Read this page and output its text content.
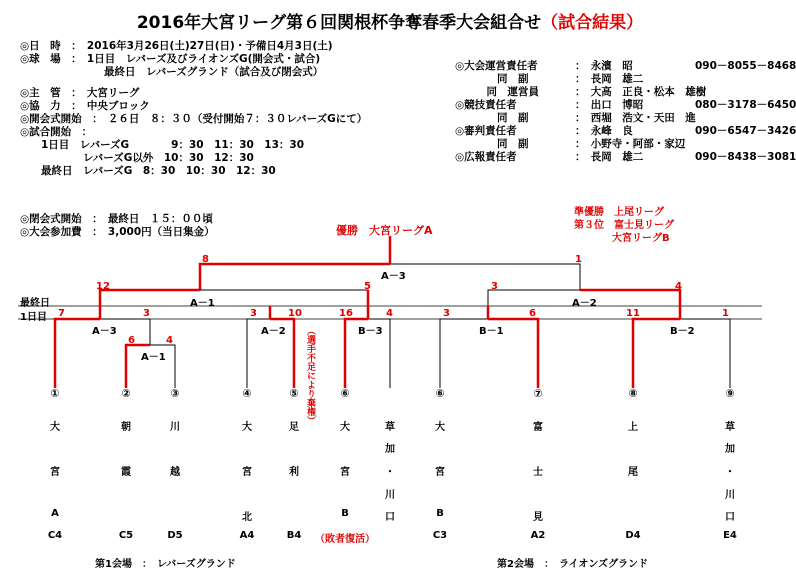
2016年大宮リーグ第６回関根杯争奪春季大会組合せ（試合結果）
◎日　時　：　2016年3月26日(土)27日(日)・予備日4月3日(土)
◎球　場　：　1日目　レバーズ及びライオンズG(開会式・試合)
　　　　　　　　最終日　レバーズグランド（試合及び閉会式）
◎主　管　：　大宮リーグ
◎協　力　：　中央ブロック
◎開会式開始　：　２６日　８：３０（受付開始７：３０レバーズGにて）
◎試合開始　：
　　1日目　レバーズG　　　　9：30　11：30　13：30
　　　　　　レバーズG以外　10：30　12：30
　　最終日　レバーズG　8：30　10：30　12：30
◎閉会式開始　：　最終日　１５：００頃
◎大会参加費　：　3,000円（当日集金）
◎大会運営責任者	：　永濱　昭	090－8055－8468
　　　　同　副	：　長岡　雄二
　　　同　運営員	：　大高　正良・松本　雄樹
◎競技責任者	：　出口　博昭	080－3178－6450
　　　　同　副	：　西堀　浩文・天田　進
◎審判責任者	：　永峰　良	090－6547－3426
　　　　同　副	：　小野寺・阿部・家辺
◎広報責任者	：　長岡　雄二	090－8438－3081
優勝　大宮リーグA
準優勝　上尾リーグ
第３位　富士見リーグ
大宮リーグB
最終日
1日目
A－3
A－1	A－2
A－3
A－1
A－2	B－3	B－1	B－2
8	1
12	5	3	4
7	3
6	4
3	10	16	4	3	6	11	1
（選手不足により棄権）
①
大
宮
A
C4
②
朝
霞
C5
③
川
越
D5
④
大
宮
北
A4
⑤
足
利
B4
⑥
大
宮
B
（敗者復活）
草
加
・
川
口
⑥
大
宮
B
C3
⑦
富
士
見
A2
⑧
上
尾
D4
⑨
草
加
・
川
口
E4
第1会場　：　レバーズグランド	第2会場　：　ライオンズグランド
